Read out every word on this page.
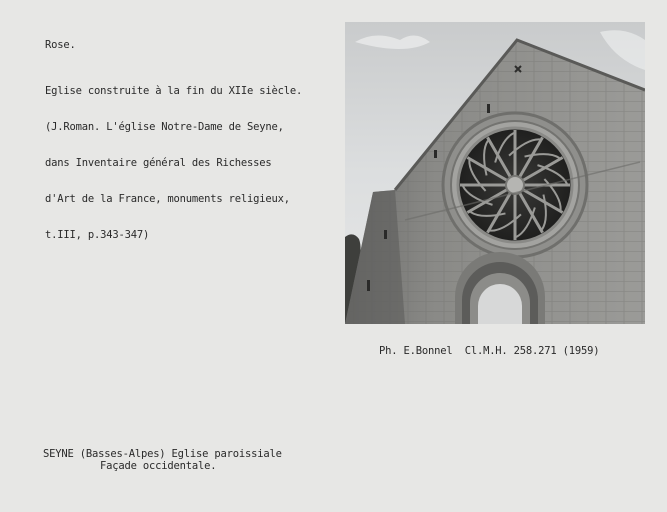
Rose.

Eglise construite à la fin du XIIe siècle.

(J.Roman. L'église Notre-Dame de Seyne,

dans Inventaire général des Richesses

d'Art de la France, monuments religieux,

t.III, p.343-347)

Ph. E.Bonnel  Cl.M.H. 258.271 (1959)
SEYNE (Basses-Alpes) Eglise paroissiale
Façade occidentale.
